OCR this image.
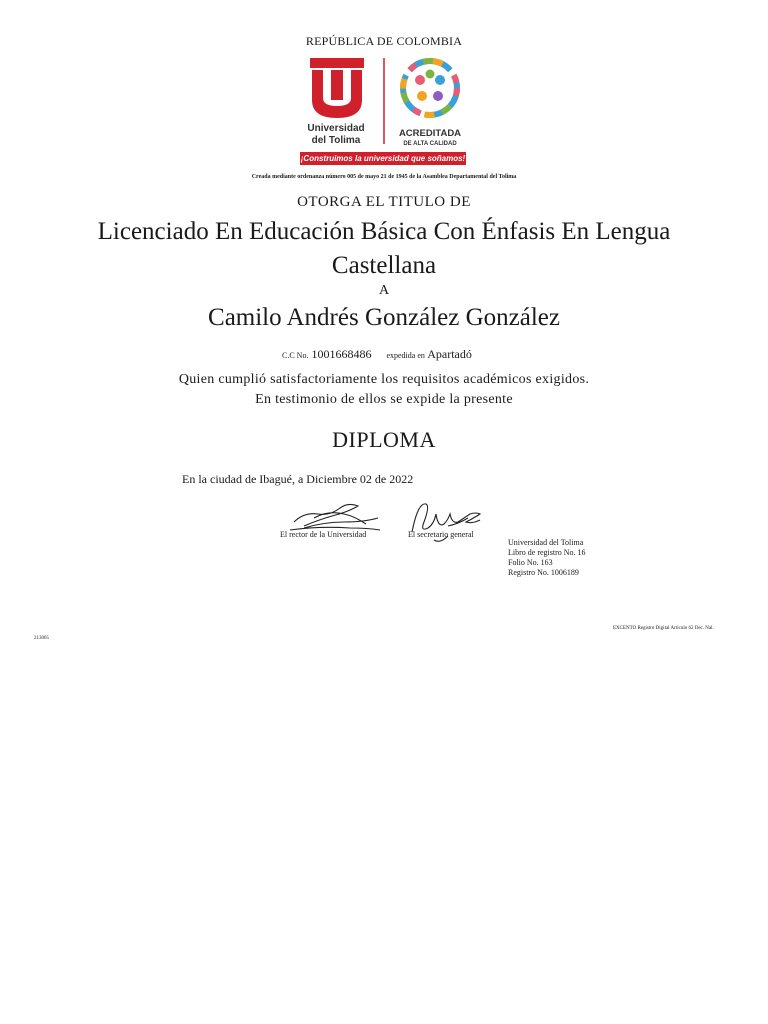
REPÚBLICA DE COLOMBIA
Universidad
del Tolima
ACREDITADA
DE ALTA CALIDAD
¡Construimos la universidad que soñamos!
Creada mediante ordenanza número 005 de mayo 21 de 1945 de la Asamblea Departamental del Tolima
OTORGA EL TITULO DE
Licenciado En Educación Básica Con Énfasis En Lengua Castellana
A
Camilo Andrés González González
C.C No. 1001668486 expedida en Apartadó
Quien cumplió satisfactoriamente los requisitos académicos exigidos.
En testimonio de ellos se expide la presente
DIPLOMA
En la ciudad de Ibagué, a Diciembre 02 de 2022
El rector de la Universidad	El secretario general
Universidad del Tolima
Libro de registro No. 16
Folio No. 163
Registro No. 1006189
EXCENTO Registro Digital Articulo 62 Dec. Nal.
213005
